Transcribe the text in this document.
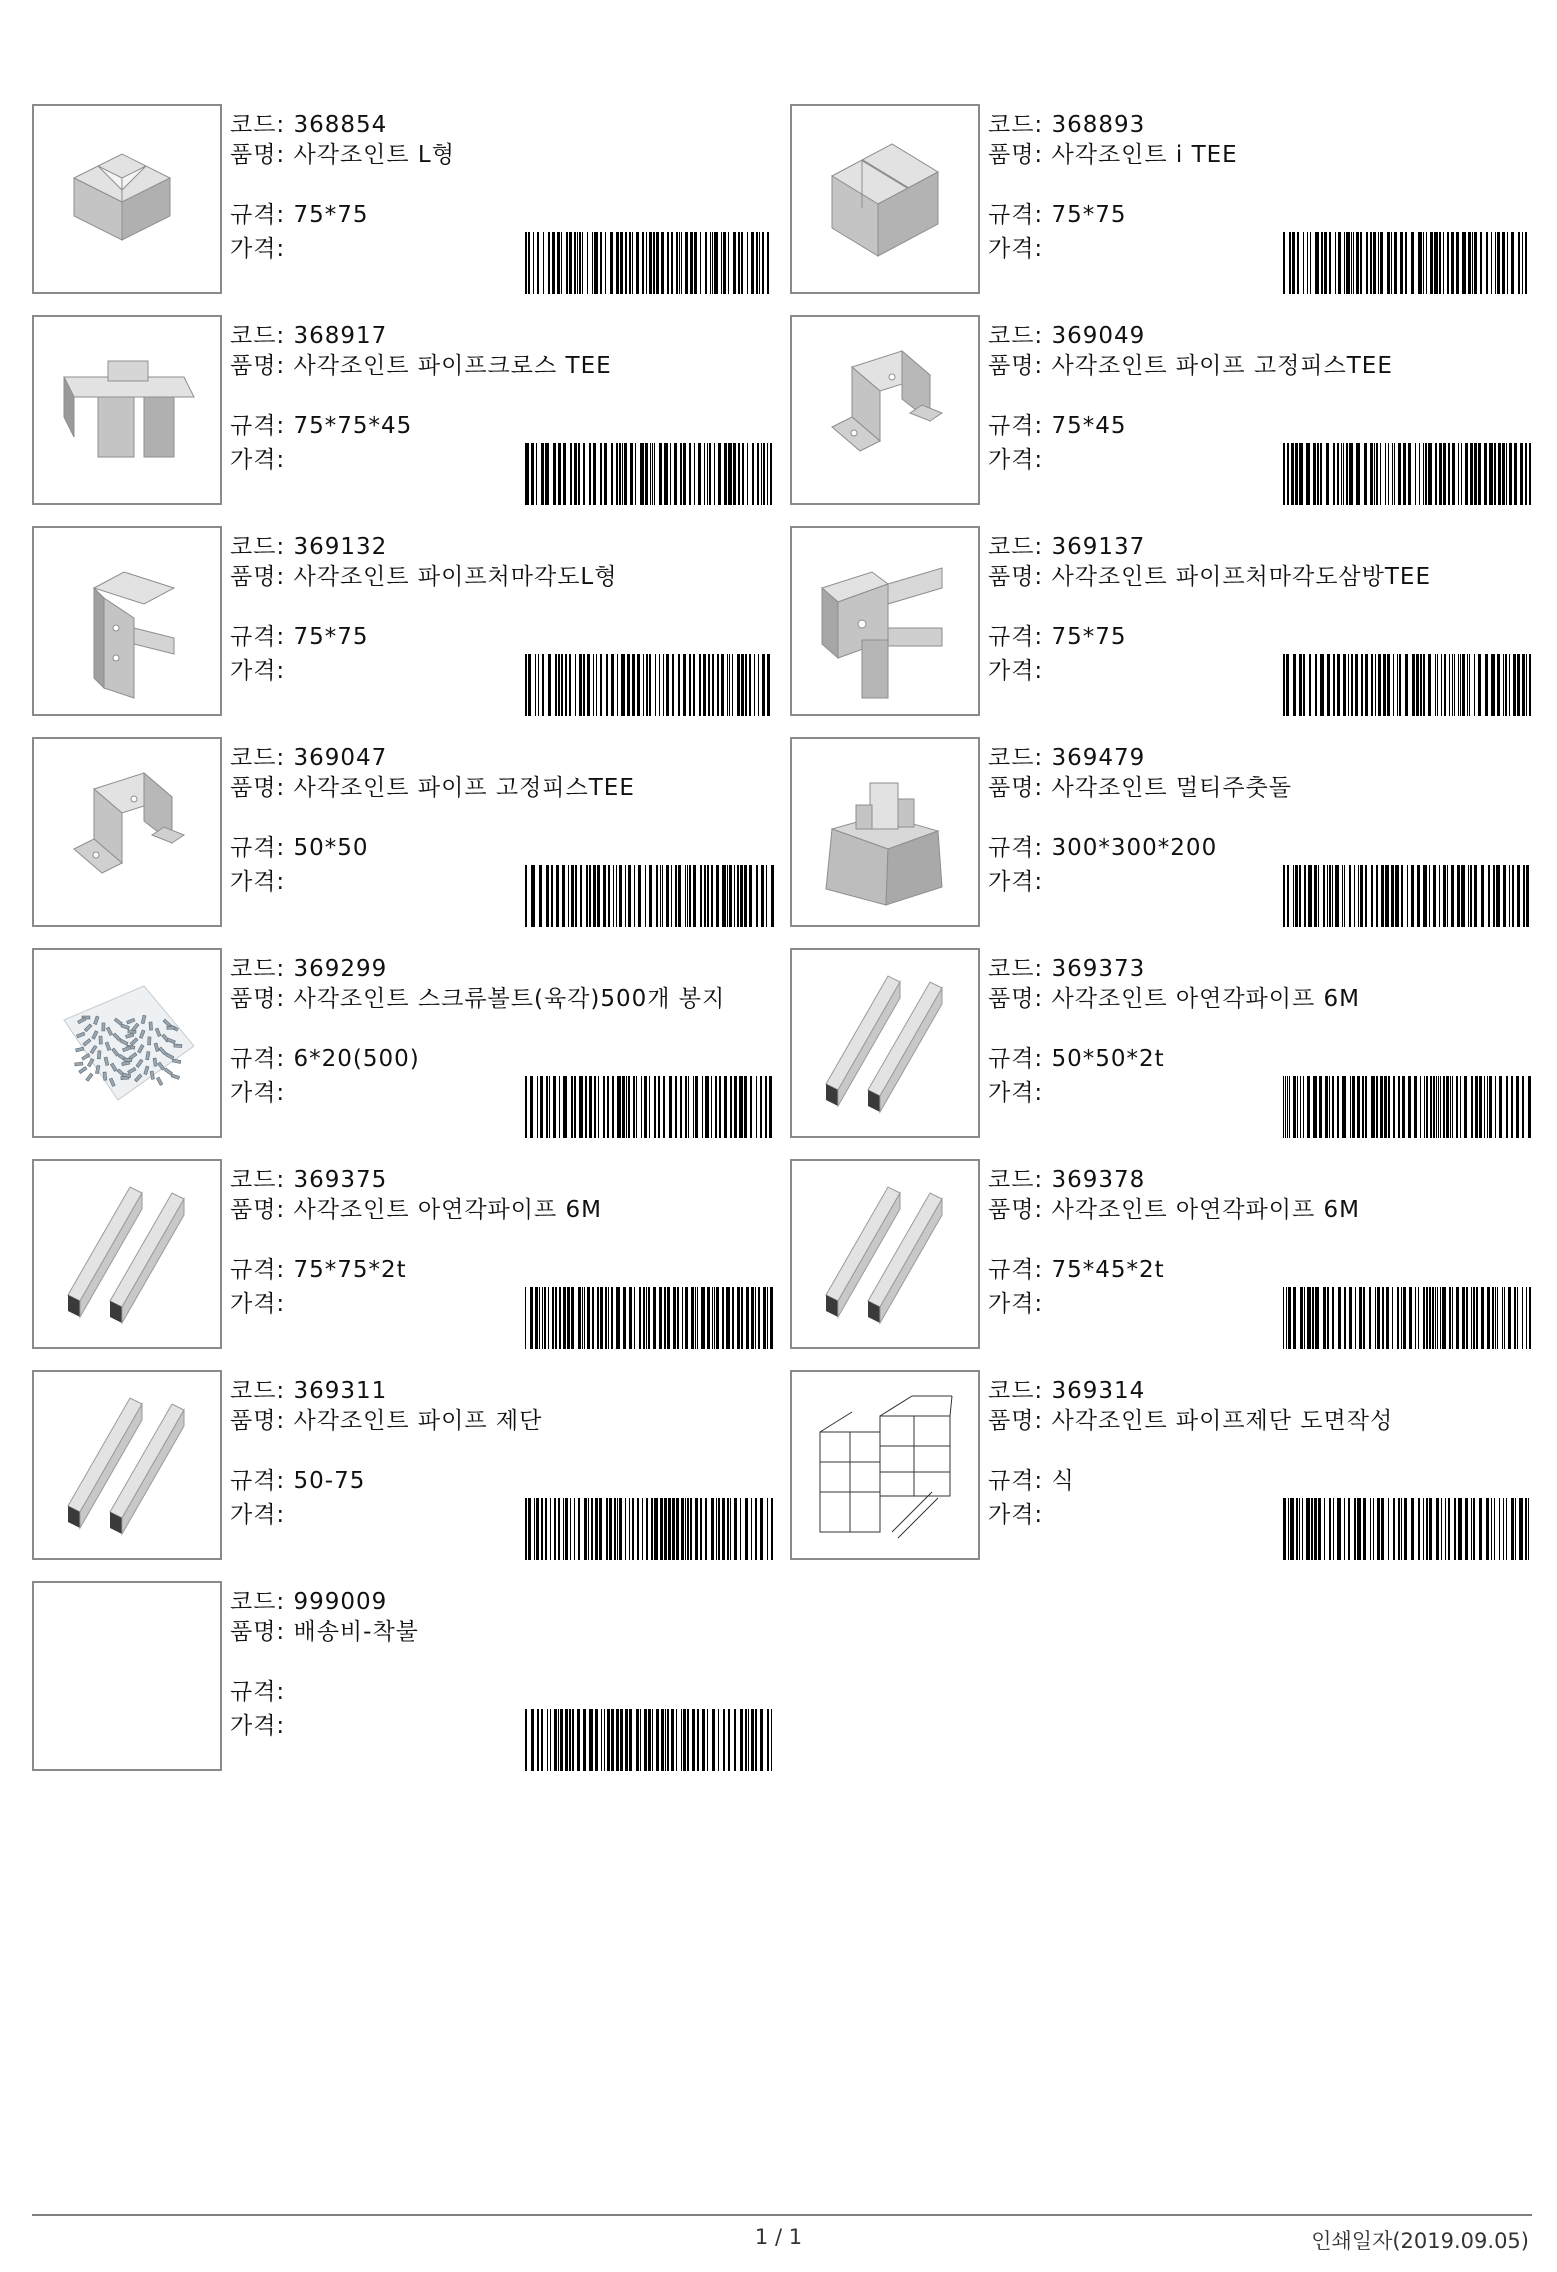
코드: 368854
품명: 사각조인트 L형
규격: 75*75
가격:
코드: 368893
품명: 사각조인트 i TEE
규격: 75*75
가격:
코드: 368917
품명: 사각조인트 파이프크로스 TEE
규격: 75*75*45
가격:
코드: 369049
품명: 사각조인트 파이프 고정피스TEE
규격: 75*45
가격:
코드: 369132
품명: 사각조인트 파이프처마각도L형
규격: 75*75
가격:
코드: 369137
품명: 사각조인트 파이프처마각도삼방TEE
규격: 75*75
가격:
코드: 369047
품명: 사각조인트 파이프 고정피스TEE
규격: 50*50
가격:
코드: 369479
품명: 사각조인트 멀티주춧돌
규격: 300*300*200
가격:
코드: 369299
품명: 사각조인트 스크류볼트(육각)500개 봉지
규격: 6*20(500)
가격:
코드: 369373
품명: 사각조인트 아연각파이프 6M
규격: 50*50*2t
가격:
코드: 369375
품명: 사각조인트 아연각파이프 6M
규격: 75*75*2t
가격:
코드: 369378
품명: 사각조인트 아연각파이프 6M
규격: 75*45*2t
가격:
코드: 369311
품명: 사각조인트 파이프 제단
규격: 50-75
가격:
코드: 369314
품명: 사각조인트 파이프제단 도면작성
규격: 식
가격:
코드: 999009
품명: 배송비-착불
규격:
가격:
1 / 1	인쇄일자(2019.09.05)
